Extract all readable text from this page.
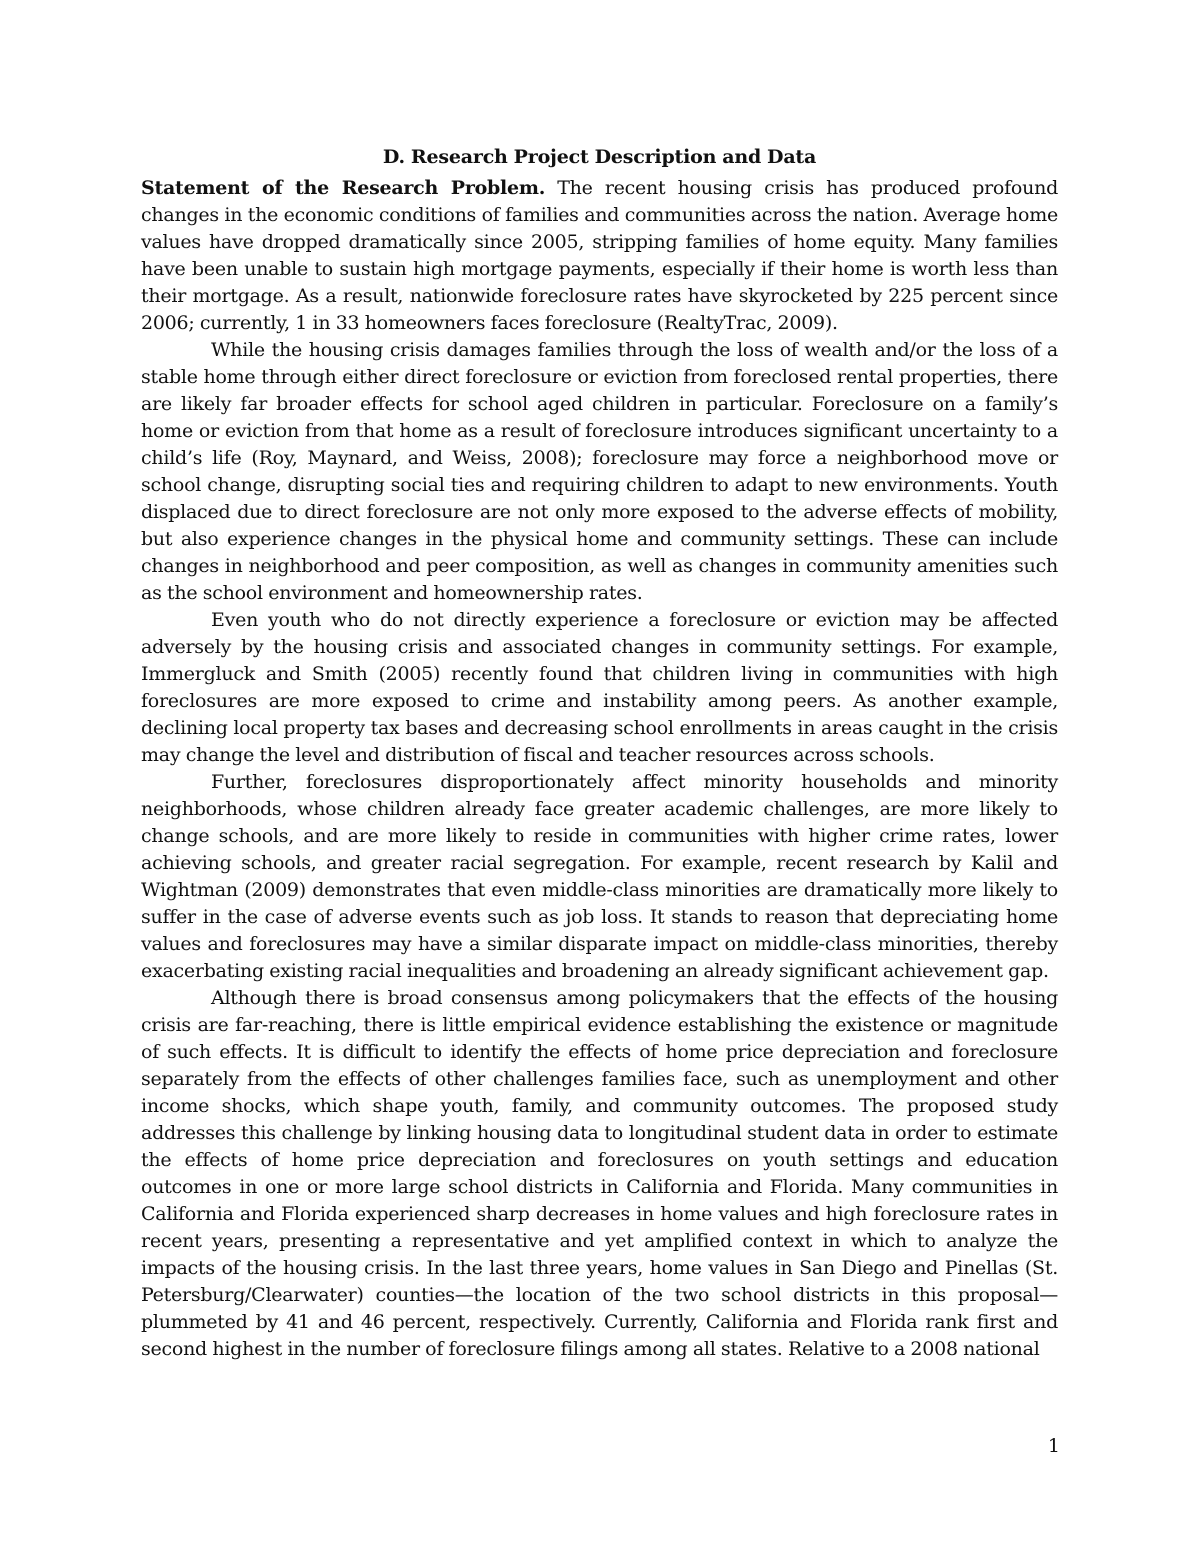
D. Research Project Description and Data

Statement of the Research Problem. The recent housing crisis has produced profound changes in the economic conditions of families and communities across the nation. Average home values have dropped dramatically since 2005, stripping families of home equity. Many families have been unable to sustain high mortgage payments, especially if their home is worth less than their mortgage. As a result, nationwide foreclosure rates have skyrocketed by 225 percent since 2006; currently, 1 in 33 homeowners faces foreclosure (RealtyTrac, 2009).

While the housing crisis damages families through the loss of wealth and/or the loss of a stable home through either direct foreclosure or eviction from foreclosed rental properties, there are likely far broader effects for school aged children in particular. Foreclosure on a family’s home or eviction from that home as a result of foreclosure introduces significant uncertainty to a child’s life (Roy, Maynard, and Weiss, 2008); foreclosure may force a neighborhood move or school change, disrupting social ties and requiring children to adapt to new environments. Youth displaced due to direct foreclosure are not only more exposed to the adverse effects of mobility, but also experience changes in the physical home and community settings. These can include changes in neighborhood and peer composition, as well as changes in community amenities such as the school environment and homeownership rates.

Even youth who do not directly experience a foreclosure or eviction may be affected adversely by the housing crisis and associated changes in community settings. For example, Immergluck and Smith (2005) recently found that children living in communities with high foreclosures are more exposed to crime and instability among peers. As another example, declining local property tax bases and decreasing school enrollments in areas caught in the crisis may change the level and distribution of fiscal and teacher resources across schools.

Further, foreclosures disproportionately affect minority households and minority neighborhoods, whose children already face greater academic challenges, are more likely to change schools, and are more likely to reside in communities with higher crime rates, lower achieving schools, and greater racial segregation. For example, recent research by Kalil and Wightman (2009) demonstrates that even middle-class minorities are dramatically more likely to suffer in the case of adverse events such as job loss. It stands to reason that depreciating home values and foreclosures may have a similar disparate impact on middle-class minorities, thereby exacerbating existing racial inequalities and broadening an already significant achievement gap.

Although there is broad consensus among policymakers that the effects of the housing crisis are far-reaching, there is little empirical evidence establishing the existence or magnitude of such effects. It is difficult to identify the effects of home price depreciation and foreclosure separately from the effects of other challenges families face, such as unemployment and other income shocks, which shape youth, family, and community outcomes. The proposed study addresses this challenge by linking housing data to longitudinal student data in order to estimate the effects of home price depreciation and foreclosures on youth settings and education outcomes in one or more large school districts in California and Florida. Many communities in California and Florida experienced sharp decreases in home values and high foreclosure rates in recent years, presenting a representative and yet amplified context in which to analyze the impacts of the housing crisis. In the last three years, home values in San Diego and Pinellas (St. Petersburg/Clearwater) counties—the location of the two school districts in this proposal—plummeted by 41 and 46 percent, respectively. Currently, California and Florida rank first and second highest in the number of foreclosure filings among all states. Relative to a 2008 national

1
